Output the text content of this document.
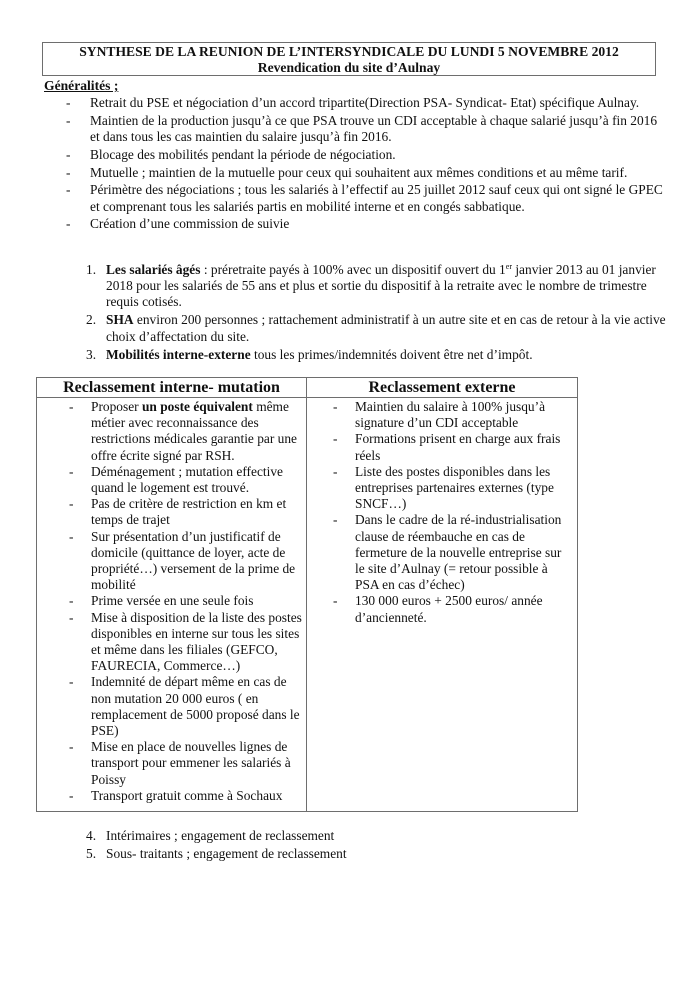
SYNTHESE DE LA REUNION DE L’INTERSYNDICALE DU LUNDI 5 NOVEMBRE 2012
Revendication du site d’Aulnay
Généralités ;
- Retrait du PSE et négociation d’un accord tripartite(Direction PSA- Syndicat- Etat) spécifique Aulnay.
- Maintien de la production jusqu’à ce que PSA trouve un CDI acceptable à chaque salarié jusqu’à fin 2016 et dans tous les cas maintien du salaire jusqu’à fin 2016.
- Blocage des mobilités pendant la période de négociation.
- Mutuelle ; maintien de la mutuelle pour ceux qui souhaitent aux mêmes conditions et au même tarif.
- Périmètre des négociations ; tous les salariés à l’effectif au 25 juillet 2012 sauf ceux qui ont signé le GPEC et comprenant tous les salariés partis en mobilité interne et en congés sabbatique.
- Création d’une commission de suivie
1. Les salariés âgés : préretraite payés à 100% avec un dispositif ouvert du 1er janvier 2013 au 01 janvier 2018 pour les salariés de 55 ans et plus et sortie du dispositif à la retraite avec le nombre de trimestre requis cotisés.
2. SHA environ 200 personnes ; rattachement administratif à un autre site et en cas de retour à la vie active choix d’affectation du site.
3. Mobilités interne-externe tous les primes/indemnités doivent être net d’impôt.
Reclassement interne- mutation	Reclassement externe
- Proposer un poste équivalent même métier avec reconnaissance des restrictions médicales garantie par une offre écrite signé par RSH.
- Déménagement ; mutation effective quand le logement est trouvé.
- Pas de critère de restriction en km et temps de trajet
- Sur présentation d’un justificatif de domicile (quittance de loyer, acte de propriété…) versement de la prime de mobilité
- Prime versée en une seule fois
- Mise à disposition de la liste des postes disponibles en interne sur tous les sites et même dans les filiales (GEFCO, FAURECIA, Commerce…)
- Indemnité de départ même en cas de non mutation 20 000 euros ( en remplacement de 5000 proposé dans le PSE)
- Mise en place de nouvelles lignes de transport pour emmener les salariés à Poissy
- Transport gratuit comme à Sochaux
- Maintien du salaire à 100% jusqu’à signature d’un CDI acceptable
- Formations prisent en charge aux frais réels
- Liste des postes disponibles dans les entreprises partenaires externes (type SNCF…)
- Dans le cadre de la ré-industrialisation clause de réembauche en cas de fermeture de la nouvelle entreprise sur le site d’Aulnay (= retour possible à PSA en cas d’échec)
- 130 000 euros + 2500 euros/ année d’ancienneté.
4. Intérimaires ; engagement de reclassement
5. Sous- traitants ; engagement de reclassement
